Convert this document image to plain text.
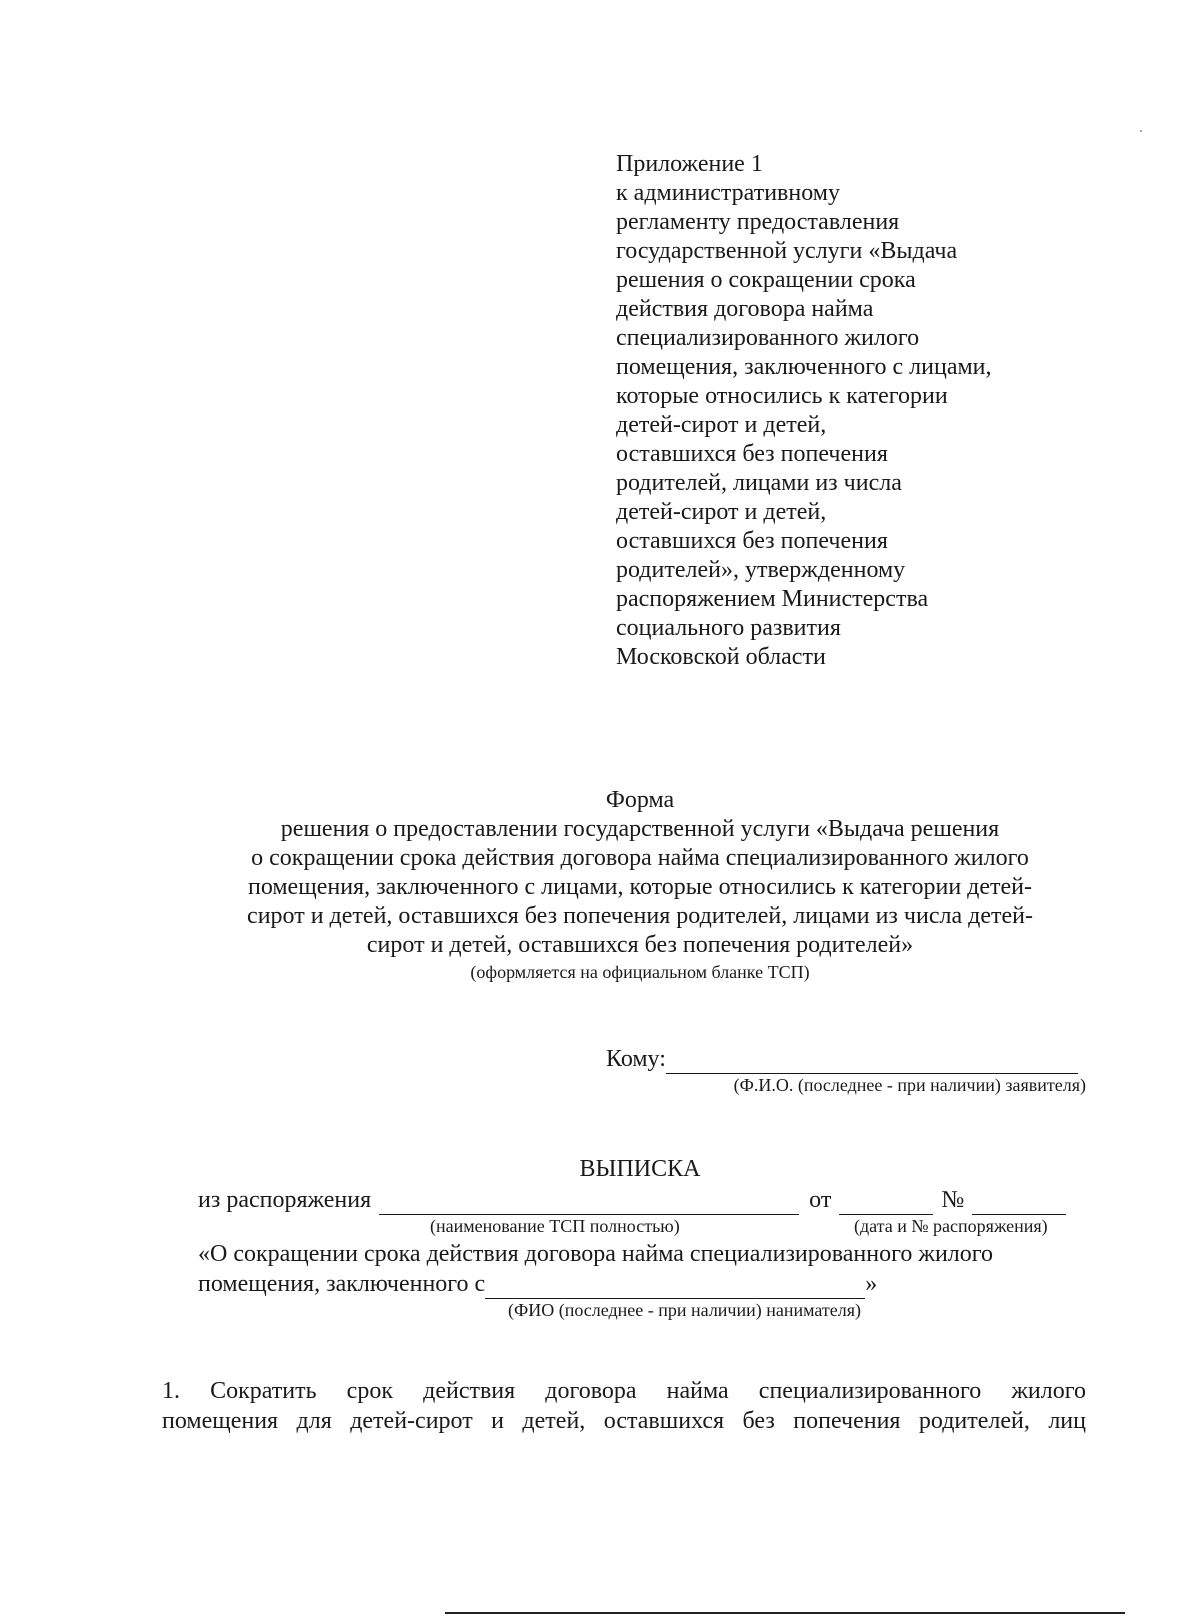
Приложение 1
к административному
регламенту предоставления
государственной услуги «Выдача
решения о сокращении срока
действия договора найма
специализированного жилого
помещения, заключенного с лицами,
которые относились к категории
детей-сирот и детей,
оставшихся без попечения
родителей, лицами из числа
детей-сирот и детей,
оставшихся без попечения
родителей», утвержденному
распоряжением Министерства
социального развития
Московской области
Форма
решения о предоставлении государственной услуги «Выдача решения
о сокращении срока действия договора найма специализированного жилого
помещения, заключенного с лицами, которые относились к категории детей-
сирот и детей, оставшихся без попечения родителей, лицами из числа детей-
сирот и детей, оставшихся без попечения родителей»
(оформляется на официальном бланке ТСП)
Кому:
(Ф.И.О. (последнее - при наличии) заявителя)
ВЫПИСКА
из распоряжения	от	№
(наименование ТСП полностью)	(дата и № распоряжения)
«О сокращении срока действия договора найма специализированного жилого
помещения, заключенного с	»
(ФИО (последнее - при наличии) нанимателя)
1. Сократить срок действия договора найма специализированного жилого
помещения для детей-сирот и детей, оставшихся без попечения родителей, лиц
